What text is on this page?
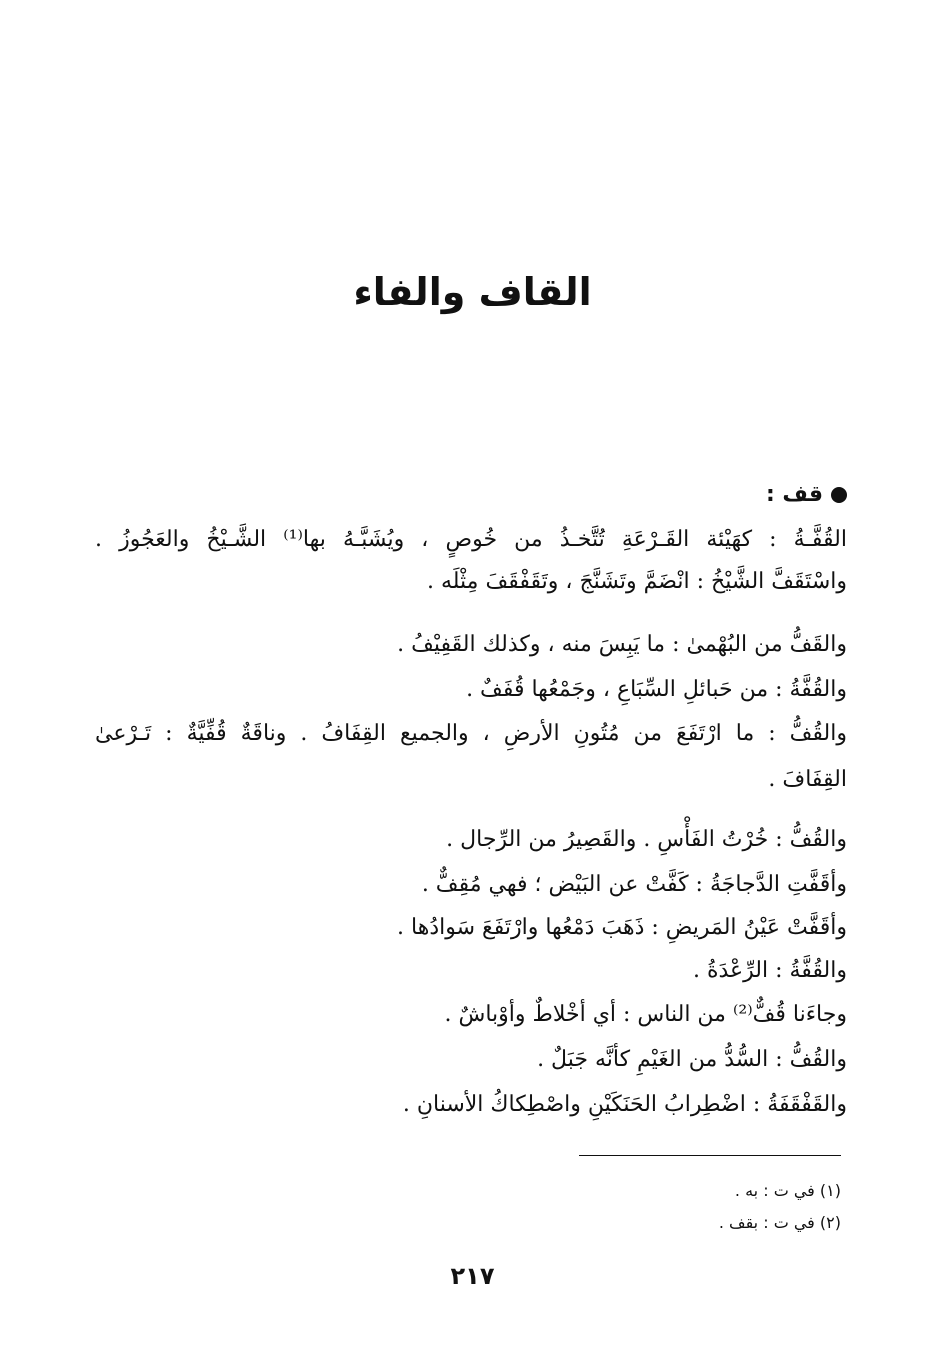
القاف والفاء
قف :
القُفَّـةُ : كهَيْئة القَـرْعَةِ تُتَّخـذُ من خُوصٍ ، ويُشَبَّـهُ بها⁽¹⁾ الشَّـيْخُ والعَجُوزُ .
واسْتَقَفَّ الشَّيْخُ : انْضَمَّ وتَشَنَّجَ ، وتَقَفْقَفَ مِثْلَه .
والقَفُّ من البُهْمىٰ : ما يَبِسَ منه ، وكذلك القَفِيْفُ .
والقُفَّةُ : من حَبائلِ السِّبَاعِ ، وجَمْعُها قُفَفٌ .
والقُفُّ : ما ارْتَفَعَ من مُتُونِ الأرضِ ، والجميع القِفَافُ . وناقَةٌ قُفِّيَّةٌ : تَـرْعىٰ
القِفَافَ .
والقُفُّ : خُرْتُ الفَأْسِ . والقَصِيرُ من الرِّجال .
وأقَفَّتِ الدَّجاجَةُ : كَفَّتْ عن البَيْض ؛ فهي مُقِفٌّ .
وأقَفَّتْ عَيْنُ المَريضِ : ذَهَبَ دَمْعُها وارْتَفَعَ سَوادُها .
والقُفَّةُ : الرِّعْدَةُ .
وجاءَنا قُفٌّ⁽²⁾ من الناس : أي أخْلاطٌ وأوْباشٌ .
والقُفُّ : السُّدُّ من الغَيْمِ كأنَّه جَبَلٌ .
والقَفْقَفَةُ : اضْطِرابُ الحَنَكَيْنِ واصْطِكاكُ الأسنانِ .
(١) في ت : به .
(٢) في ت : بقف .
٢١٧
